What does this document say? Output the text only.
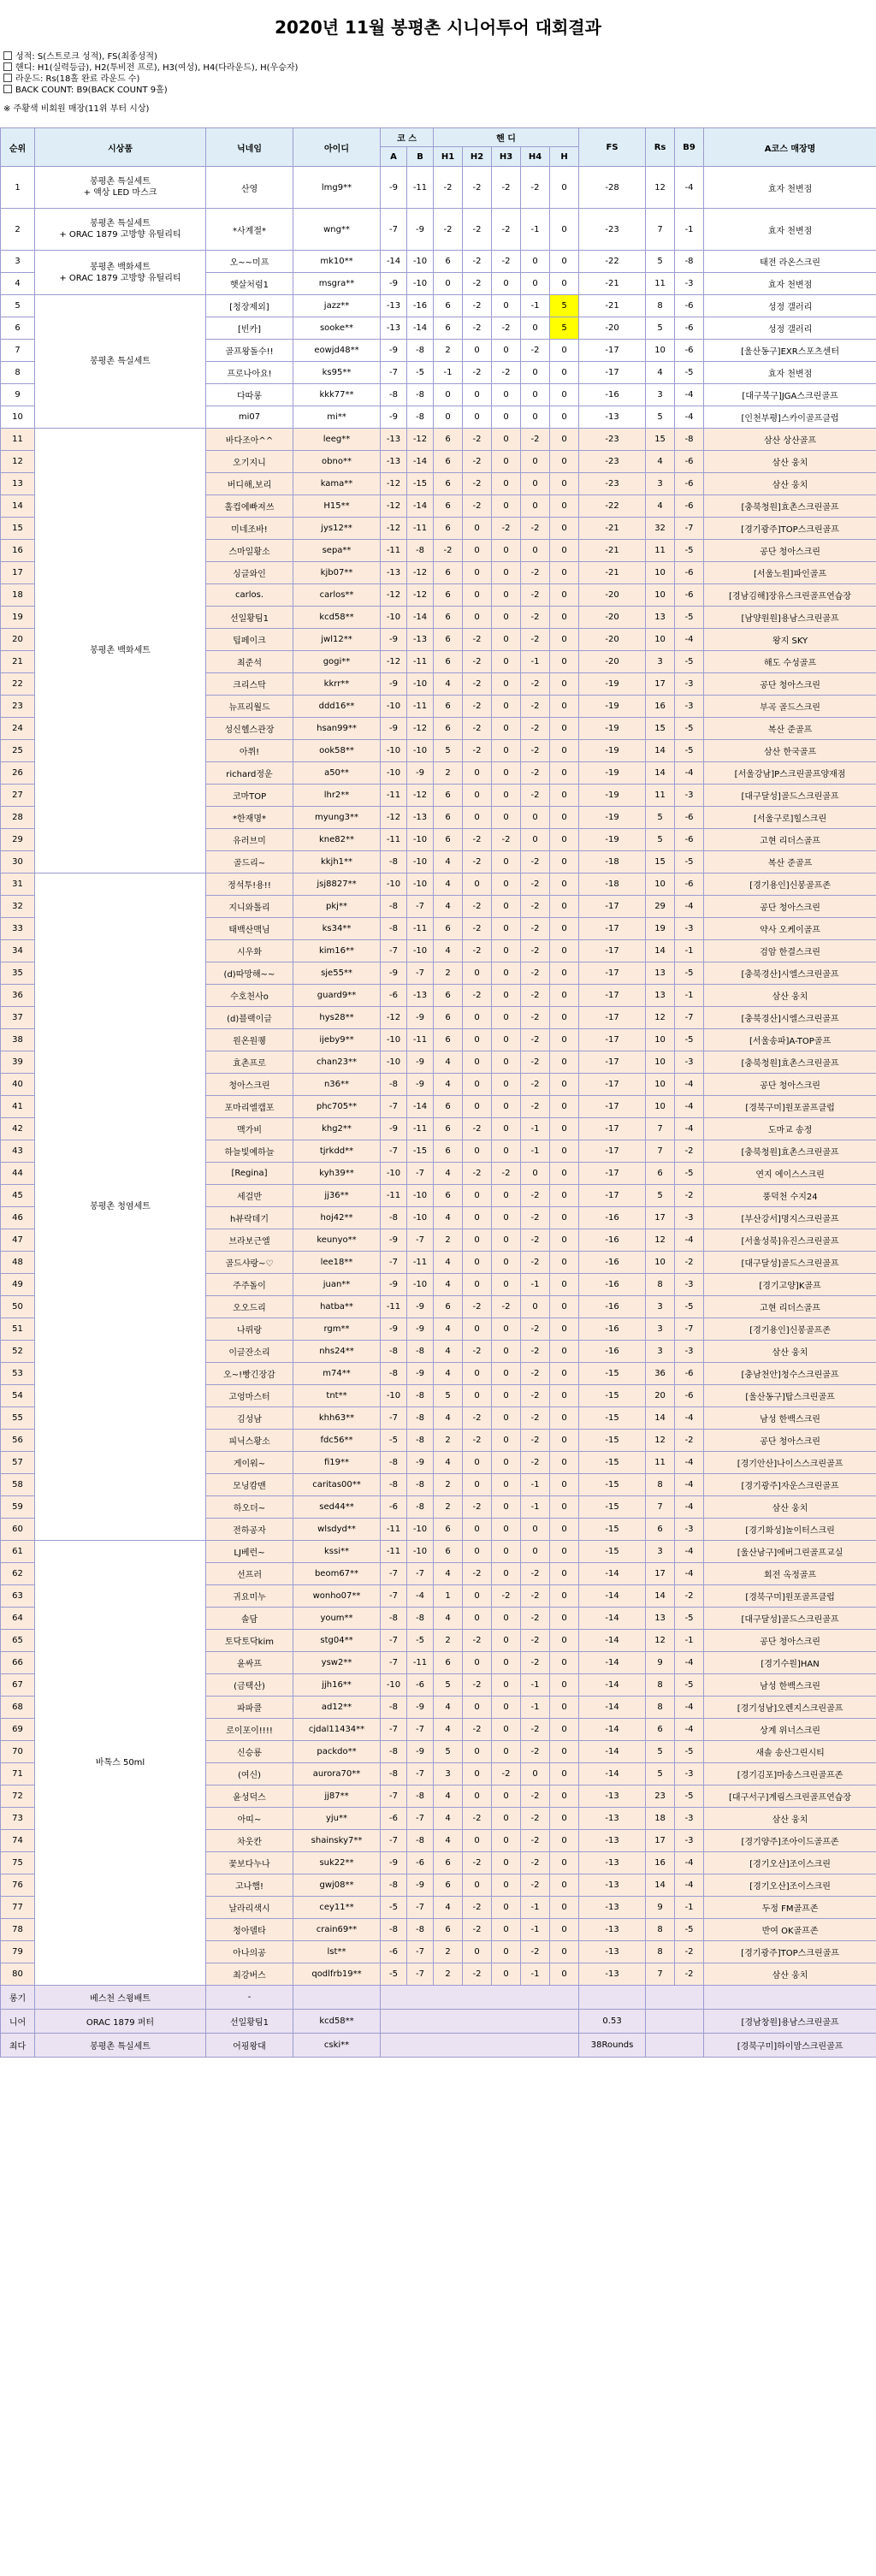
2020년 11월 봉평촌 시니어투어 대회결과
성적: S(스트로크 성적), FS(최종성적)
핸디: H1(실력등급), H2(투비전 프로), H3(여성), H4(다라운드), H(우승자)
라운드: Rs(18홀 완료 라운드 수)
BACK COUNT: B9(BACK COUNT 9홀)
※ 주황색 비회원 매장(11위 부터 시상)
순위	시상품	닉네임	아이디	코 스		핸 디					FS	Rs	B9	A코스 매장명
				A	B	H1	H2	H3	H4	H				
1	봉평촌 특실세트
+ 액상 LED 마스크	산영	lmg9**	-9	-11	-2	-2	-2	-2	0	-28	12	-4	효자 천변점
2	봉평촌 특실세트
+ ORAC 1879 고방향 유틸리티	*사계절*	wng**	-7	-9	-2	-2	-2	-1	0	-23	7	-1	효자 천변점
3	봉평촌 백화세트
+ ORAC 1879 고방향 유틸리티	오~~미프	mk10**	-14	-10	6	-2	-2	0	0	-22	5	-8	태전 라온스크린
4		햇살처럼1	msgra**	-9	-10	0	-2	0	0	0	-21	11	-3	효자 천변점
5	봉평촌 특실세트	[청장제외]	jazz**	-13	-16	6	-2	0	-1	5	-21	8	-6	성정 갤러리
6		[빈카]	sooke**	-13	-14	6	-2	-2	0	5	-20	5	-6	성정 갤러리
7		골프왕돌수!!	eowjd48**	-9	-8	2	0	0	-2	0	-17	10	-6	[울산동구]EXR스포츠센터
8		프로나아요!	ks95**	-7	-5	-1	-2	-2	0	0	-17	4	-5	효자 천변점
9		다따롱	kkk77**	-8	-8	0	0	0	0	0	-16	3	-4	[대구북구]JGA스크린골프
10		mi07	mi**	-9	-8	0	0	0	0	0	-13	5	-4	[인천부평]스카이골프클럽
11	봉평촌 백화세트	바다조아^^	leeg**	-13	-12	6	-2	0	-2	0	-23	15	-8	삼산 상산골프
12		오기지니	obno**	-13	-14	6	-2	0	0	0	-23	4	-6	삼산 웅치
13		버디해,보리	kama**	-12	-15	6	-2	0	0	0	-23	3	-6	삼산 웅치
14		홀컵에빠져쓰	H15**	-12	-14	6	-2	0	0	0	-22	4	-6	[충북청원]효촌스크린골프
15		미네조바!	jys12**	-12	-11	6	0	-2	-2	0	-21	32	-7	[경기광주]TOP스크린골프
16		스마일황소	sepa**	-11	-8	-2	0	0	0	0	-21	11	-5	공단 청아스크린
17		싱글와인	kjb07**	-13	-12	6	0	0	-2	0	-21	10	-6	[서울노원]파인골프
18		carlos.	carlos**	-12	-12	6	0	0	-2	0	-20	10	-6	[경남김해]장유스크린골프연습장
19		선일황팀1	kcd58**	-10	-14	6	0	0	-2	0	-20	13	-5	[남양원원]용남스크린골프
20		팁페이크	jwl12**	-9	-13	6	-2	0	-2	0	-20	10	-4	왕지 SKY
21		최준석	gogi**	-12	-11	6	-2	0	-1	0	-20	3	-5	해도 수성골프
22		크리스탁	kkrr**	-9	-10	4	-2	0	-2	0	-19	17	-3	공단 청아스크린
23		뉴프리월드	ddd16**	-10	-11	6	-2	0	-2	0	-19	16	-3	부곡 골드스크린
24		성신헬스관장	hsan99**	-9	-12	6	-2	0	-2	0	-19	15	-5	복산 준골프
25		아쮜!	ook58**	-10	-10	5	-2	0	-2	0	-19	14	-5	삼산 한국골프
26		richard정운	a50**	-10	-9	2	0	0	-2	0	-19	14	-4	[서울강남]P스크린골프양재점
27		코마TOP	lhr2**	-11	-12	6	0	0	-2	0	-19	11	-3	[대구달성]골드스크린골프
28		*한재명*	myung3**	-12	-13	6	0	0	0	0	-19	5	-6	[서울구로]힐스크린
29		유러브미	kne82**	-11	-10	6	-2	-2	0	0	-19	5	-6	고현 리더스골프
30		골드리~	kkjh1**	-8	-10	4	-2	0	-2	0	-18	15	-5	복산 준골프
31	봉평촌 청염세트	정석투!용!!	jsj8827**	-10	-10	4	0	0	-2	0	-18	10	-6	[경기용인]신봉골프존
32		지니와톨리	pkj**	-8	-7	4	-2	0	-2	0	-17	29	-4	공단 청아스크린
33		태백산맥님	ks34**	-8	-11	6	-2	0	-2	0	-17	19	-3	약사 오케이골프
34		시우화	kim16**	-7	-10	4	-2	0	-2	0	-17	14	-1	검암 한결스크린
35		(d)따망해~~	sje55**	-9	-7	2	0	0	-2	0	-17	13	-5	[충북경산]시엘스크린골프
36		수호천사o	guard9**	-6	-13	6	-2	0	-2	0	-17	13	-1	삼산 웅치
37		(d)블랙이글	hys28**	-12	-9	6	0	0	-2	0	-17	12	-7	[충북경산]시엘스크린골프
38		원온원퀭	ijeby9**	-10	-11	6	0	0	-2	0	-17	10	-5	[서울송파]A-TOP골프
39		효촌프로	chan23**	-10	-9	4	0	0	-2	0	-17	10	-3	[충북청원]효촌스크린골프
40		청아스크린	n36**	-8	-9	4	0	0	-2	0	-17	10	-4	공단 청아스크린
41		포마리엘캡포	phc705**	-7	-14	6	0	0	-2	0	-17	10	-4	[경북구미]원포골프클럽
42		맥가비	khg2**	-9	-11	6	-2	0	-1	0	-17	7	-4	도마교 송정
43		하늘빛예하늘	tjrkdd**	-7	-15	6	0	0	-1	0	-17	7	-2	[충북청원]효촌스크린골프
44		[Regina]	kyh39**	-10	-7	4	-2	-2	0	0	-17	6	-5	연지 에이스스크린
45		세걸반	jj36**	-11	-10	6	0	0	-2	0	-17	5	-2	풍덕천 수지24
46		h뷰락데기	hoj42**	-8	-10	4	0	0	-2	0	-16	17	-3	[부산강서]명지스크린골프
47		브라보근엘	keunyo**	-9	-7	2	0	0	-2	0	-16	12	-4	[서울성북]유진스크린골프
48		골드샤랑~♡	lee18**	-7	-11	4	0	0	-2	0	-16	10	-2	[대구달성]골드스크린골프
49		주주돌이	juan**	-9	-10	4	0	0	-1	0	-16	8	-3	[경기고양]K골프
50		오오드리	hatba**	-11	-9	6	-2	-2	0	0	-16	3	-5	고현 리더스골프
51		나뤼랑	rgm**	-9	-9	4	0	0	-2	0	-16	3	-7	[경기용인]신봉골프존
52		이글잔소리	nhs24**	-8	-8	4	-2	0	-2	0	-16	3	-3	삼산 웅치
53		오~!빵긴장감	m74**	-8	-9	4	0	0	-2	0	-15	36	-6	[충남천안]청수스크린골프
54		고엉마스터	tnt**	-10	-8	5	0	0	-2	0	-15	20	-6	[울산동구]탑스크린골프
55		김성남	khh63**	-7	-8	4	-2	0	-2	0	-15	14	-4	남성 한백스크린
56		피닉스황소	fdc56**	-5	-8	2	-2	0	-2	0	-15	12	-2	공단 청아스크린
57		게이워~	fi19**	-8	-9	4	0	0	-2	0	-15	11	-4	[경기안산]나이스스크린골프
58		모닝캄맨	caritas00**	-8	-8	2	0	0	-1	0	-15	8	-4	[경기광주]자운스크린골프
59		하오더~	sed44**	-6	-8	2	-2	0	-1	0	-15	7	-4	삼산 웅치
60		전하공자	wlsdyd**	-11	-10	6	0	0	0	0	-15	6	-3	[경기화성]놀이터스크린
61	바톡스 50ml	LJ베런~	kssi**	-11	-10	6	0	0	0	0	-15	3	-4	[울산남구]에버그린골프교실
62		선프러	beom67**	-7	-7	4	-2	0	-2	0	-14	17	-4	회전 옥정골프
63		귀요미누	wonho07**	-7	-4	1	0	-2	-2	0	-14	14	-2	[경북구미]원포골프클럽
64		솔담	youm**	-8	-8	4	0	0	-2	0	-14	13	-5	[대구달성]골드스크린골프
65		토닥토닥kim	stg04**	-7	-5	2	-2	0	-2	0	-14	12	-1	공단 청아스크린
66		윤싸프	ysw2**	-7	-11	6	0	0	-2	0	-14	9	-4	[경기수원]HAN
67		(금택산)	jjh16**	-10	-6	5	-2	0	-1	0	-14	8	-5	남성 한백스크린
68		파파콜	ad12**	-8	-9	4	0	0	-1	0	-14	8	-4	[경기성남]오렌지스크린골프
69		로이포이!!!!	cjdal11434**	-7	-7	4	-2	0	-2	0	-14	6	-4	상계 위너스크린
70		신승룡	packdo**	-8	-9	5	0	0	-2	0	-14	5	-5	새솔 송산그린시티
71		(여신)	aurora70**	-8	-7	3	0	-2	0	0	-14	5	-3	[경기김포]마송스크린골프존
72		윤성덕스	jj87**	-7	-8	4	0	0	-2	0	-13	23	-5	[대구서구]계림스크린골프연습장
73		아띠~	yju**	-6	-7	4	-2	0	-2	0	-13	18	-3	삼산 웅치
74		차웃칸	shainsky7**	-7	-8	4	0	0	-2	0	-13	17	-3	[경기양주]조아이드골프존
75		꽃보다누나	suk22**	-9	-6	6	-2	0	-2	0	-13	16	-4	[경기오산]조이스크린
76		고나햄!	gwj08**	-8	-9	6	0	0	-2	0	-13	14	-4	[경기오산]조이스크린
77		날라리색시	cey11**	-5	-7	4	-2	0	-1	0	-13	9	-1	두정 FM골프존
78		청아델타	crain69**	-8	-8	6	-2	0	-1	0	-13	8	-5	반여 OK골프존
79		아나의공	lst**	-6	-7	2	0	0	-2	0	-13	8	-2	[경기광주]TOP스크린골프
80		최강버스	qodlfrb19**	-5	-7	2	-2	0	-1	0	-13	7	-2	삼산 웅치
롱기	베스천 스윙배트	-												
니어	ORAC 1879 퍼터	선일황팀1	kcd58**								0.53			[경남창원]용남스크린골프
최다	봉평촌 특실세트	어핑왕대	cski**								38Rounds			[경북구미]하이맘스크린골프
